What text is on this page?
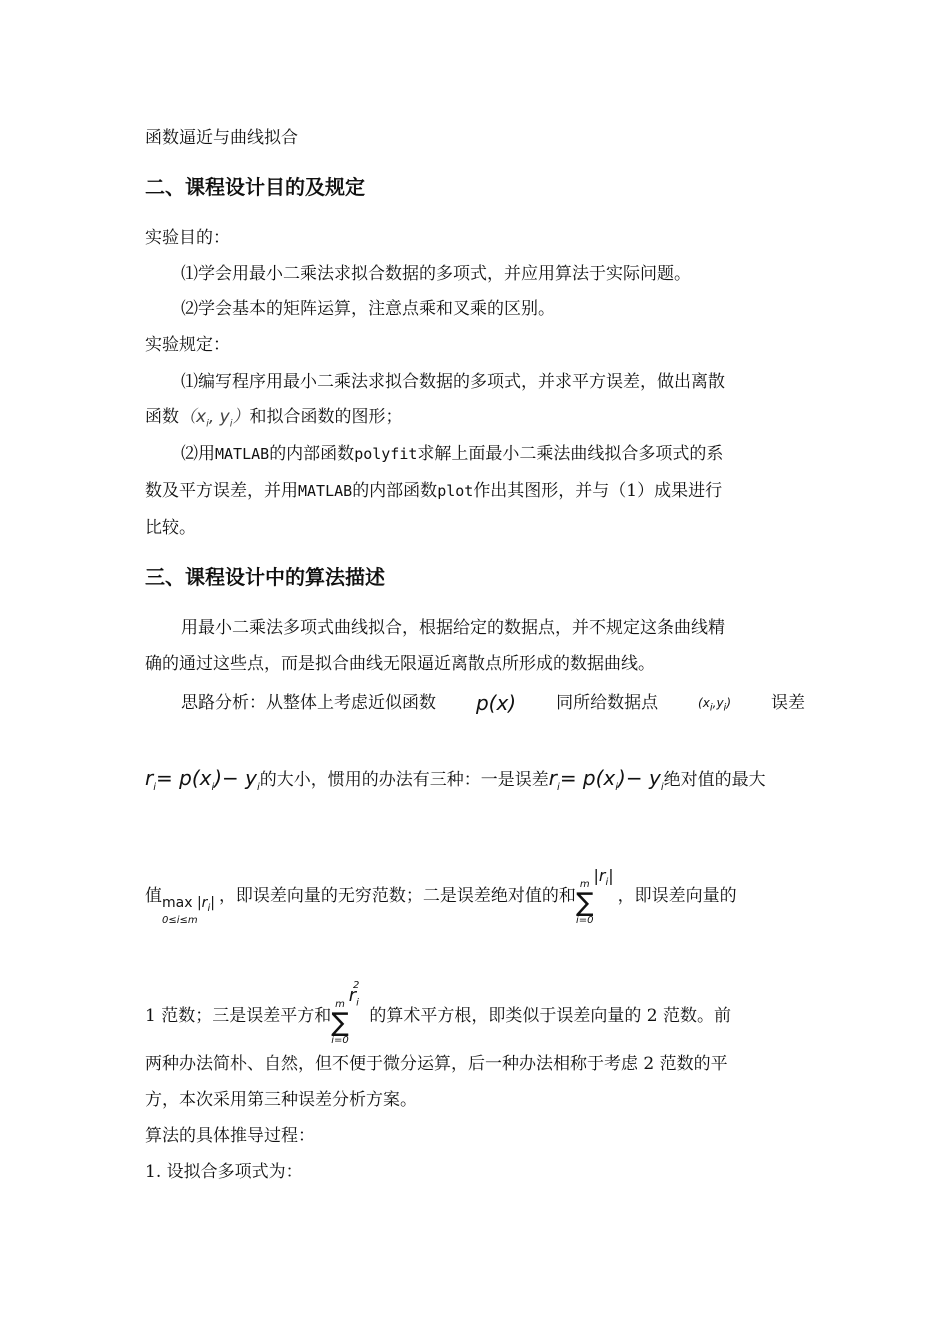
函数逼近与曲线拟合
二、课程设计目的及规定
实验目的：
⑴学会用最小二乘法求拟合数据的多项式，并应用算法于实际问题。
⑵学会基本的矩阵运算，注意点乘和叉乘的区别。
实验规定：
⑴编写程序用最小二乘法求拟合数据的多项式，并求平方误差，做出离散
函数（$x_i$, $y_i$）和拟合函数的图形；
⑵用MATLAB的内部函数polyfit求解上面最小二乘法曲线拟合多项式的系
数及平方误差，并用MATLAB的内部函数plot作出其图形，并与（1）成果进行
比较。
三、课程设计中的算法描述
用最小二乘法多项式曲线拟合，根据给定的数据点，并不规定这条曲线精
确的通过这些点，而是拟合曲线无限逼近离散点所形成的数据曲线。
思路分析：从整体上考虑近似函数 p(x) 同所给数据点	$(x_i,y_i)$ 误差
$r_i= p(x_i)- y_i$的大小，惯用的办法有三种：一是误差$r_i= p(x_i)- y_i$绝对值的最大
值 $\max |r_i|$
0≤i≤m
，即误差向量的无穷范数；二是误差绝对值的和
m
∑
i=0
$|r_i|$，即误差向量的
1 范数；三是误差平方和
m
∑
i=0
$r_i^2$的算术平方根，即类似于误差向量的 2 范数。前
两种办法简朴、自然，但不便于微分运算，后一种办法相称于考虑 2 范数的平
方，本次采用第三种误差分析方案。
算法的具体推导过程：
1. 设拟合多项式为：
